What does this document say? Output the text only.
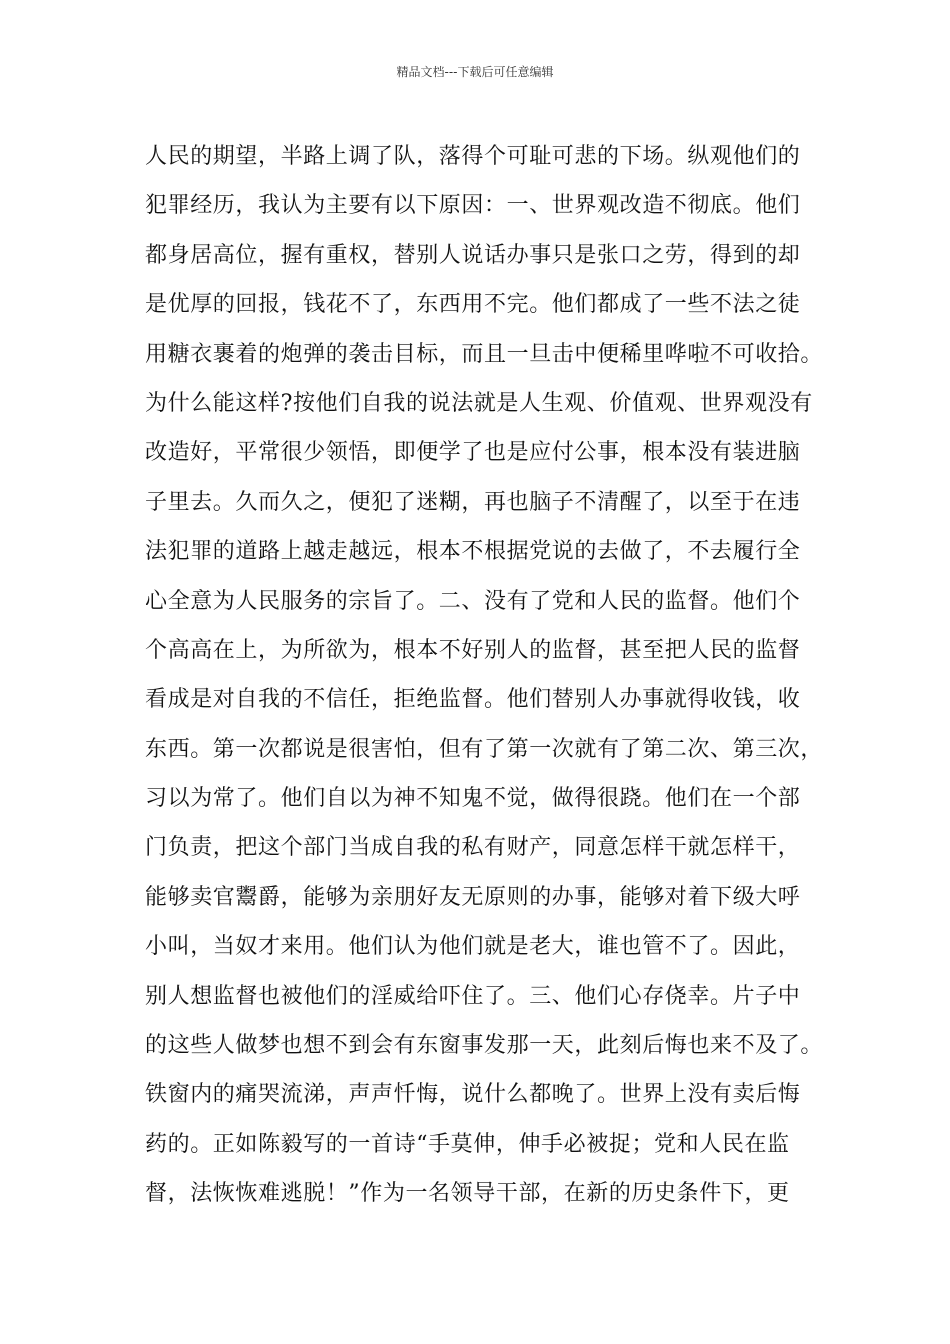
精品文档---下载后可任意编辑
人民的期望，半路上调了队，落得个可耻可悲的下场。纵观他们的
犯罪经历，我认为主要有以下原因：一、世界观改造不彻底。他们
都身居高位，握有重权，替别人说话办事只是张口之劳，得到的却
是优厚的回报，钱花不了，东西用不完。他们都成了一些不法之徒
用糖衣裹着的炮弹的袭击目标，而且一旦击中便稀里哗啦不可收拾。
为什么能这样?按他们自我的说法就是人生观、价值观、世界观没有
改造好，平常很少领悟，即便学了也是应付公事，根本没有装进脑
子里去。久而久之，便犯了迷糊，再也脑子不清醒了，以至于在违
法犯罪的道路上越走越远，根本不根据党说的去做了，不去履行全
心全意为人民服务的宗旨了。二、没有了党和人民的监督。他们个
个高高在上，为所欲为，根本不好别人的监督，甚至把人民的监督
看成是对自我的不信任，拒绝监督。他们替别人办事就得收钱，收
东西。第一次都说是很害怕，但有了第一次就有了第二次、第三次，
习以为常了。他们自以为神不知鬼不觉，做得很跷。他们在一个部
门负责，把这个部门当成自我的私有财产，同意怎样干就怎样干，
能够卖官鬻爵，能够为亲朋好友无原则的办事，能够对着下级大呼
小叫，当奴才来用。他们认为他们就是老大，谁也管不了。因此，
别人想监督也被他们的淫威给吓住了。三、他们心存侥幸。片子中
的这些人做梦也想不到会有东窗事发那一天，此刻后悔也来不及了。
铁窗内的痛哭流涕，声声忏悔，说什么都晚了。世界上没有卖后悔
药的。正如陈毅写的一首诗“手莫伸，伸手必被捉；党和人民在监
督，法恢恢难逃脱！”作为一名领导干部，在新的历史条件下，更
